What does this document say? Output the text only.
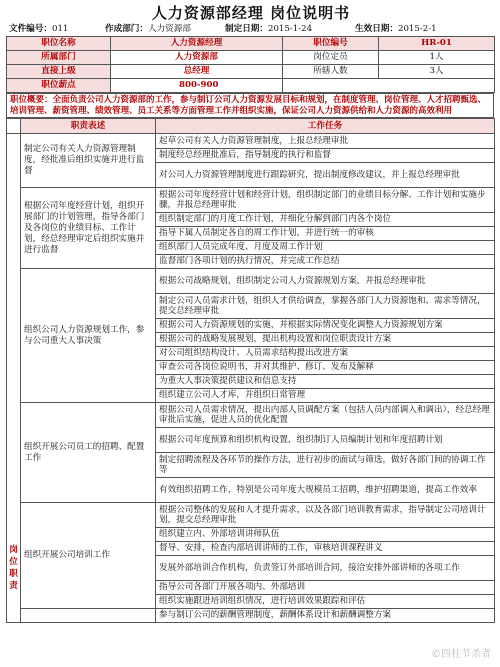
人力资源部经理 岗位说明书
文件编号：011	作成部门：人力资源部	制定日期：2015-1-24	生效日期：2015-2-1
职位名称	人力资源经理	职位编号	HR-01
所属部门	人力资源部	岗位定员	1人
直接上级	总经理	所辖人数	3人
职位薪点	800-900		
职位概要：全面负责公司人力资源部的工作，参与制订公司人力资源发展目标和规划，在制度管理、岗位管理、人才招聘甄选、培训管理、薪资管理、绩效管理、员工关系等方面管理工作并组织实施，保证公司人力资源供给和人力资源的高效利用
	职责表述	工作任务

岗
位
职
责	制定公司有关人力资源管理制度，经批准后组织实施并进行监督	起草公司有关人力资源管理制度，上报总经理审批
		制度经总经理批准后，指导制度的执行和监督
		对公司人力资源管理制度进行跟踪研究，提出制度修改建议，并上报总经理审批
	根据公司年度经营计划，组织开展部门的计划管理，指导各部门及各岗位的业绩目标、工作计划，经总经理审定后组织实施并进行监督	根据公司年度经营计划和经营计划，组织制定部门的业绩目标分解、工作计划和实施步骤，并报总经理审批
		组织制定部门的月度工作计划，并细化分解到部门内各个岗位
		指导下属人员制定各自的周工作计划，并进行统一的审核
		组织部门人员完成年度、月度及周工作计划
		监督部门各项计划的执行情况，并完成工作总结
	组织公司人力资源规划工作，参与公司重大人事决策	根据公司战略规划，组织制定公司人力资源规划方案，并报总经理审批
		制定公司人员需求计划，组织人才供给调查，掌握各部门人力资源饱和、需求等情况，提交总经理审批
		根据公司人力资源规划的实施，并根据实际情况变化调整人力资源规划方案
		根据公司的战略发展规划，提出机构设置和岗位职责设计方案
		对公司组织结构设计、人员需求结构提出改进方案
		审查公司各岗位说明书，并对其维护、修订、发布及解释
		为重大人事决策提供建议和信息支持
		组织建立公司人才库，并组织日常管理
	组织开展公司员工的招聘、配置工作	根据公司人员需求情况，提出内部人员调配方案（包括人员内部调入和调出），经总经理审批后实施，促进人员的优化配置
		根据公司年度预算和组织机构设置，组织制订人员编制计划和年度招聘计划
		制定招聘流程及各环节的操作方法，进行初步的面试与筛选，做好各部门间的协调工作等
		有效组织招聘工作，特别是公司年度大规模员工招聘，维护招聘渠道，提高工作效率
	组织开展公司培训工作	根据公司整体的发展和人才提升需求，以及各部门培训教育需求，指导制定公司培训计划，提交总经理审批
		组织建立内、外部培训讲师队伍
		督导、安排，检查内部培训讲师的工作，审核培训课程讲义
		发展外部培训合作机构，负责签订外部培训合同，接洽安排外部讲师的各项工作
		指导公司各部门开展各项内、外部培训
		组织实施跟进培训组织情况，进行培训效果跟踪和评估
		参与制订公司的薪酬管理制度，薪酬体系设计和薪酬调整方案
©四柱节杀者
